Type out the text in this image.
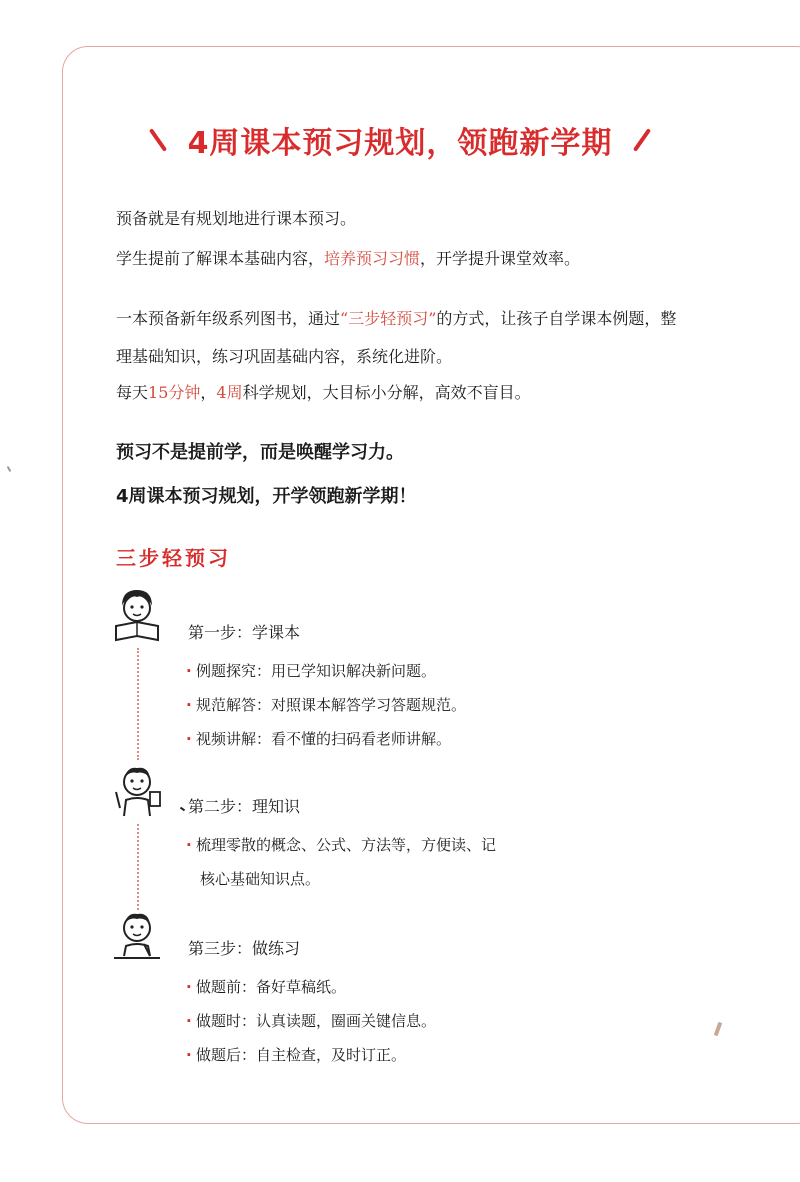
4周课本预习规划，领跑新学期
预备就是有规划地进行课本预习。
学生提前了解课本基础内容，培养预习习惯，开学提升课堂效率。
一本预备新年级系列图书，通过“三步轻预习”的方式，让孩子自学课本例题，整
理基础知识，练习巩固基础内容，系统化进阶。
每天15分钟，4周科学规划，大目标小分解，高效不盲目。
预习不是提前学，而是唤醒学习力。
4周课本预习规划，开学领跑新学期！
三步轻预习
第一步：学课本
· 例题探究：用已学知识解决新问题。
· 规范解答：对照课本解答学习答题规范。
· 视频讲解：看不懂的扫码看老师讲解。
第二步：理知识
· 梳理零散的概念、公式、方法等，方便读、记
核心基础知识点。
第三步：做练习
· 做题前：备好草稿纸。
· 做题时：认真读题，圈画关键信息。
· 做题后：自主检查，及时订正。
